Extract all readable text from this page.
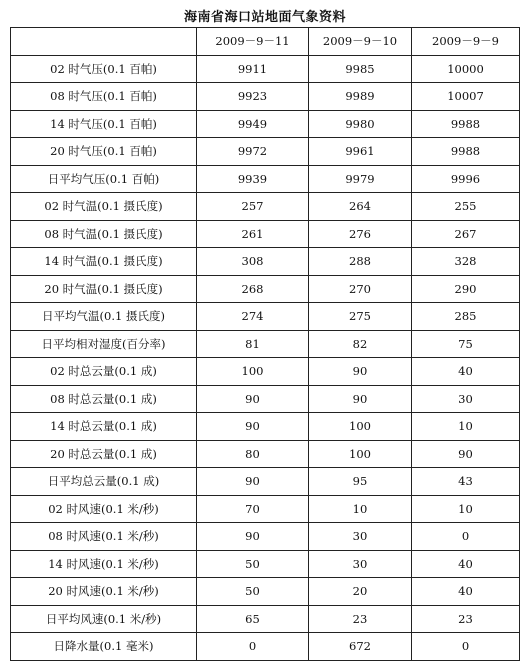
海南省海口站地面气象资料
	2009－9－11	2009－9－10	2009－9－9
02 时气压(0.1 百帕)	9911	9985	10000
08 时气压(0.1 百帕)	9923	9989	10007
14 时气压(0.1 百帕)	9949	9980	9988
20 时气压(0.1 百帕)	9972	9961	9988
日平均气压(0.1 百帕)	9939	9979	9996
02 时气温(0.1 摄氏度)	257	264	255
08 时气温(0.1 摄氏度)	261	276	267
14 时气温(0.1 摄氏度)	308	288	328
20 时气温(0.1 摄氏度)	268	270	290
日平均气温(0.1 摄氏度)	274	275	285
日平均相对湿度(百分率)	81	82	75
02 时总云量(0.1 成)	100	90	40
08 时总云量(0.1 成)	90	90	30
14 时总云量(0.1 成)	90	100	10
20 时总云量(0.1 成)	80	100	90
日平均总云量(0.1 成)	90	95	43
02 时风速(0.1 米/秒)	70	10	10
08 时风速(0.1 米/秒)	90	30	0
14 时风速(0.1 米/秒)	50	30	40
20 时风速(0.1 米/秒)	50	20	40
日平均风速(0.1 米/秒)	65	23	23
日降水量(0.1 毫米)	0	672	0
